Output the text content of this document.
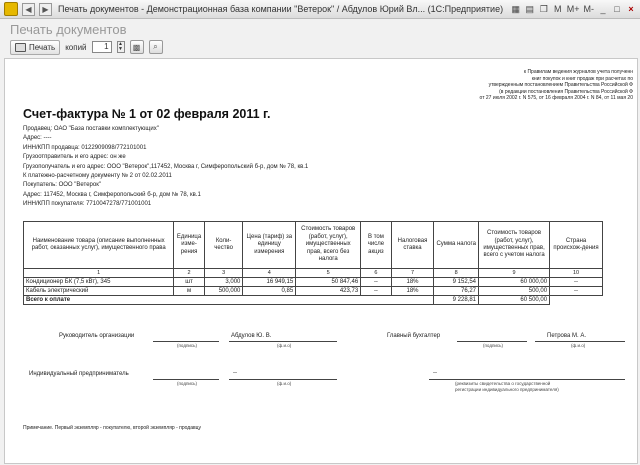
◀	▶	Печать документов - Демонстрационная база компании "Ветерок" / Абдулов Юрий Вл... (1С:Предприятие) ▦ ▤ ❐ M M+ M- _ □ ×
Печать документов
Печать копий	1	▲
▼	▩	⌕
к Правилам ведения журналов учета полученн
книг покупок и книг продаж при расчетах по
утвержденным постановлением Правительства Российской Ф
(в редакции постановления Правительства Российской Ф
от 27 июля 2002 г. N 575, от 16 февраля 2004 г. N 84, от 11 мая 20
Счет-фактура № 1 от 02 февраля 2011 г.
Продавец: ОАО "База поставки комплектующих"
Адрес: ----
ИНН/КПП продавца: 0122909098/772101001
Грузоотправитель и его адрес: он же
Грузополучатель и его адрес: ООО "Ветерок",117452, Москва г, Симферопольский б-р, дом № 78, кв.1
К платежно-расчетному документу № 2 от 02.02.2011
Покупатель: ООО "Ветерок"
Адрес: 117452, Москва г, Симферопольский б-р, дом № 78, кв.1
ИНН/КПП покупателя: 7710047278/771001001
Наименование товара (описание выполненных работ, оказанных услуг), имущественного права	Единица изме-рения	Коли-чество	Цена (тариф) за единицу измерения	Стоимость товаров (работ, услуг), имущественных прав, всего без налога	В том числе акциз	Налоговая ставка	Сумма налога	Стоимость товаров (работ, услуг), имущественных прав, всего с учетом налога	Страна происхож-дения
1	2	3	4	5	6	7	8	9	10
Кондиционер БК (7,5 кВт), 345	шт	3,000	16 949,15	50 847,46	--	18%	9 152,54	60 000,00	--
Кабель электрический	м	500,000	0,85	423,73	--	18%	76,27	500,00	--
Всего к оплате							9 228,81	60 500,00	
Руководитель организации
(подпись)
Абдулов Ю. В.
(ф.и.о)
Главный бухгалтер
(подпись)
Петрова М. А.
(ф.и.о)
Индивидуальный предприниматель
(подпись)
--
(ф.и.о)
--
(реквизиты свидетельства о государственной
регистрации индивидуального предпринимателя)
Примечание. Первый экземпляр - покупателю, второй экземпляр - продавцу
